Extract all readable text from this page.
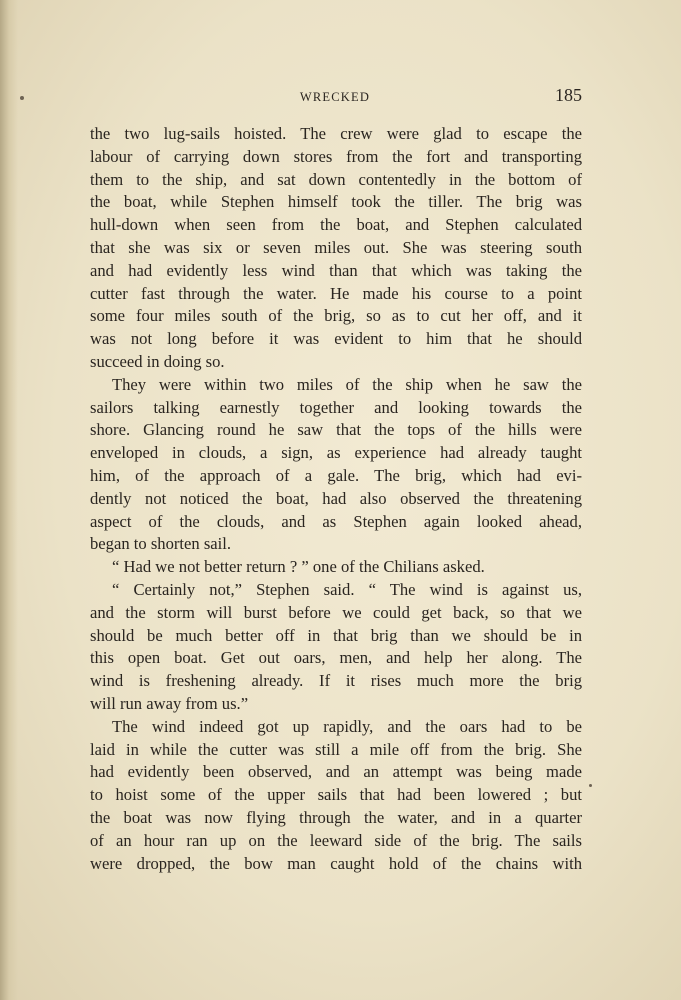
WRECKED	185
the two lug-sails hoisted. The crew were glad to escape the
labour of carrying down stores from the fort and transporting
them to the ship, and sat down contentedly in the bottom of
the boat, while Stephen himself took the tiller. The brig was
hull-down when seen from the boat, and Stephen calculated
that she was six or seven miles out. She was steering south
and had evidently less wind than that which was taking the
cutter fast through the water. He made his course to a point
some four miles south of the brig, so as to cut her off, and it
was not long before it was evident to him that he should
succeed in doing so.
They were within two miles of the ship when he saw the
sailors talking earnestly together and looking towards the
shore. Glancing round he saw that the tops of the hills were
enveloped in clouds, a sign, as experience had already taught
him, of the approach of a gale. The brig, which had evi-
dently not noticed the boat, had also observed the threatening
aspect of the clouds, and as Stephen again looked ahead,
began to shorten sail.
“ Had we not better return ? ” one of the Chilians asked.
“ Certainly not,” Stephen said. “ The wind is against us,
and the storm will burst before we could get back, so that we
should be much better off in that brig than we should be in
this open boat. Get out oars, men, and help her along. The
wind is freshening already. If it rises much more the brig
will run away from us.”
The wind indeed got up rapidly, and the oars had to be
laid in while the cutter was still a mile off from the brig. She
had evidently been observed, and an attempt was being made
to hoist some of the upper sails that had been lowered ; but
the boat was now flying through the water, and in a quarter
of an hour ran up on the leeward side of the brig. The sails
were dropped, the bow man caught hold of the chains with
